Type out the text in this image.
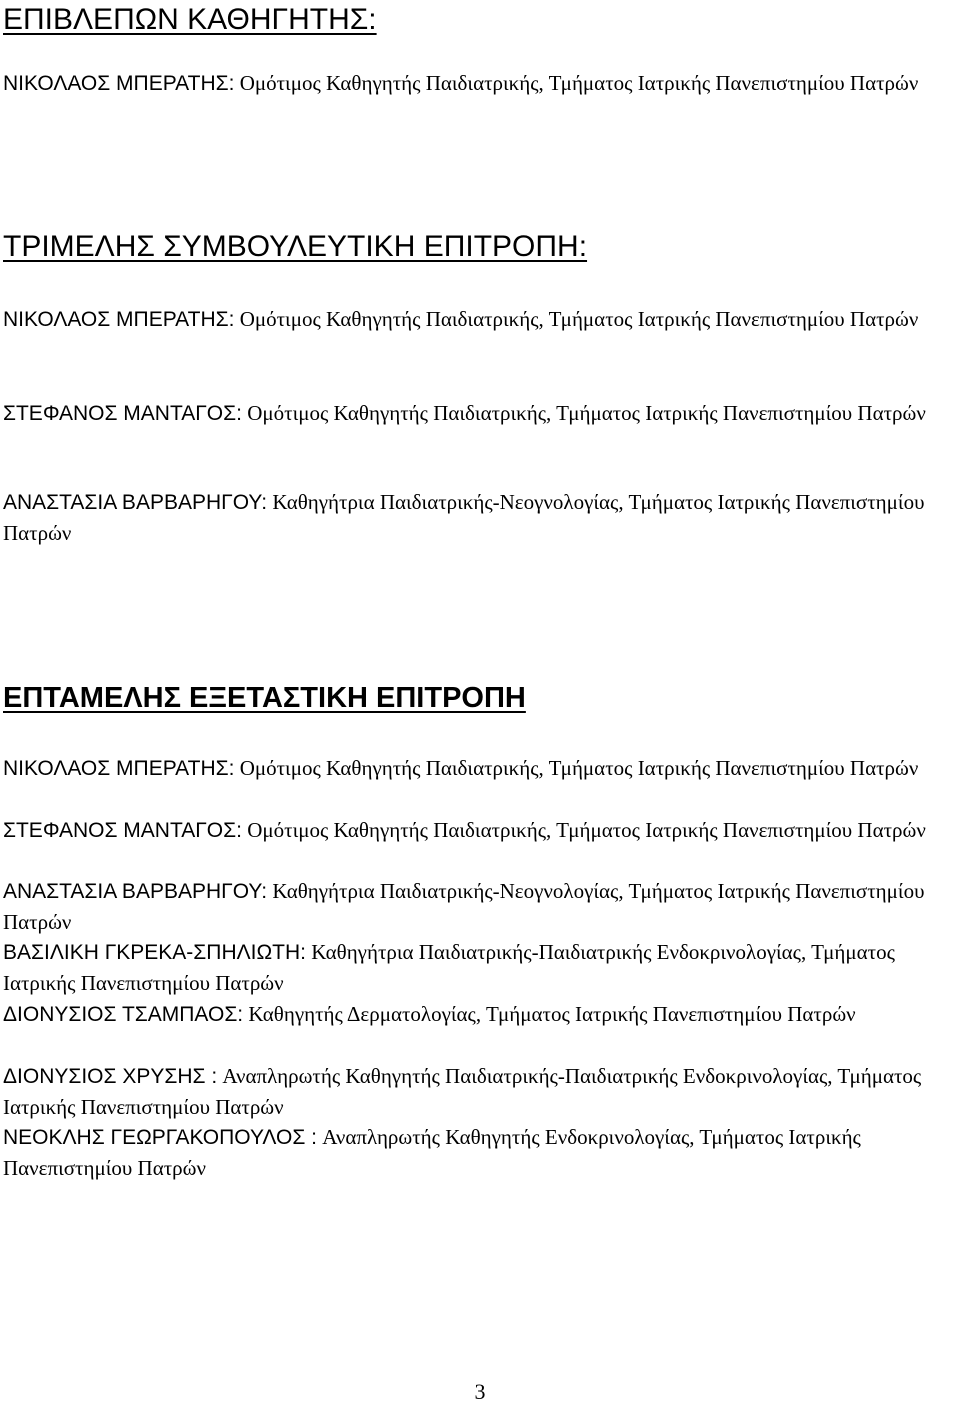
ΕΠΙΒΛΕΠΩΝ ΚΑΘΗΓΗΤΗΣ:

ΝΙΚΟΛΑΟΣ ΜΠΕΡΑΤΗΣ: Ομότιμος Καθηγητής Παιδιατρικής, Τμήματος Ιατρικής Πανεπιστημίου Πατρών

ΤΡΙΜΕΛΗΣ ΣΥΜΒΟΥΛΕΥΤΙΚΗ ΕΠΙΤΡΟΠΗ:

ΝΙΚΟΛΑΟΣ ΜΠΕΡΑΤΗΣ: Ομότιμος Καθηγητής Παιδιατρικής, Τμήματος Ιατρικής Πανεπιστημίου Πατρών

ΣΤΕΦΑΝΟΣ ΜΑΝΤΑΓΟΣ: Ομότιμος Καθηγητής Παιδιατρικής, Τμήματος Ιατρικής Πανεπιστημίου Πατρών

ΑΝΑΣΤΑΣΙΑ ΒΑΡΒΑΡΗΓΟΥ: Καθηγήτρια Παιδιατρικής-Νεογνολογίας, Τμήματος Ιατρικής Πανεπιστημίου Πατρών

ΕΠΤΑΜΕΛΗΣ ΕΞΕΤΑΣΤΙΚΗ ΕΠΙΤΡΟΠΗ

ΝΙΚΟΛΑΟΣ ΜΠΕΡΑΤΗΣ: Ομότιμος Καθηγητής Παιδιατρικής, Τμήματος Ιατρικής Πανεπιστημίου Πατρών

ΣΤΕΦΑΝΟΣ ΜΑΝΤΑΓΟΣ: Ομότιμος Καθηγητής Παιδιατρικής, Τμήματος Ιατρικής Πανεπιστημίου Πατρών

ΑΝΑΣΤΑΣΙΑ ΒΑΡΒΑΡΗΓΟΥ: Καθηγήτρια Παιδιατρικής-Νεογνολογίας, Τμήματος Ιατρικής Πανεπιστημίου Πατρών

ΒΑΣΙΛΙΚΗ ΓΚΡΕΚΑ-ΣΠΗΛΙΩΤΗ: Καθηγήτρια Παιδιατρικής-Παιδιατρικής Ενδοκρινολογίας, Τμήματος Ιατρικής Πανεπιστημίου Πατρών

ΔΙΟΝΥΣΙΟΣ ΤΣΑΜΠΑΟΣ: Καθηγητής Δερματολογίας, Τμήματος Ιατρικής Πανεπιστημίου Πατρών

ΔΙΟΝΥΣΙΟΣ ΧΡΥΣΗΣ : Αναπληρωτής Καθηγητής Παιδιατρικής-Παιδιατρικής Ενδοκρινολογίας, Τμήματος Ιατρικής Πανεπιστημίου Πατρών

ΝΕΟΚΛΗΣ ΓΕΩΡΓΑΚΟΠΟΥΛΟΣ : Αναπληρωτής Καθηγητής Ενδοκρινολογίας, Τμήματος Ιατρικής Πανεπιστημίου Πατρών

3
